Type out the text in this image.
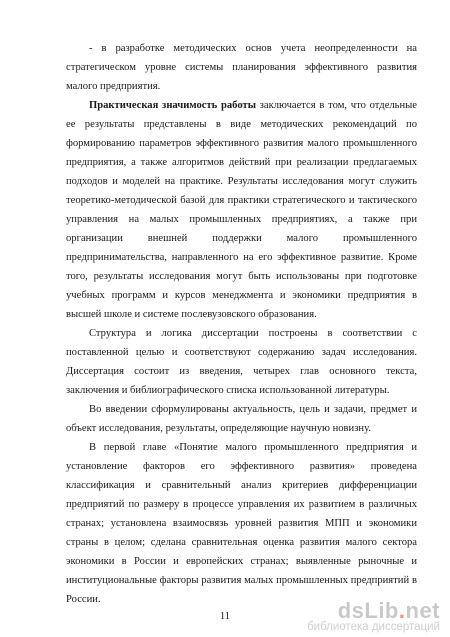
- в разработке методических основ учета неопределенности на
стратегическом уровне системы планирования эффективного развития
малого предприятия.
Практическая значимость работы заключается в том, что отдельные
ее результаты представлены в виде методических рекомендаций по
формированию параметров эффективного развития малого промышленного
предприятия, а также алгоритмов действий при реализации предлагаемых
подходов и моделей на практике. Результаты исследования могут служить
теоретико-методической базой для практики стратегического и тактического
управления на малых промышленных предприятиях, а также при
организации внешней поддержки малого промышленного
предпринимательства, направленного на его эффективное развитие. Кроме
того, результаты исследования могут быть использованы при подготовке
учебных программ и курсов менеджмента и экономики предприятия в
высшей школе и системе послевузовского образования.
Структура и логика диссертации построены в соответствии с
поставленной целью и соответствуют содержанию задач исследования.
Диссертация состоит из введения, четырех глав основного текста,
заключения и библиографического списка использованной литературы.
Во введении сформулированы актуальность, цель и задачи, предмет и
объект исследования, результаты, определяющие научную новизну.
В первой главе «Понятие малого промышленного предприятия и
установление факторов его эффективного развития» проведена
классификация и сравнительный анализ критериев дифференциации
предприятий по размеру в процессе управления их развитием в различных
странах; установлена взаимосвязь уровней развития МПП и экономики
страны в целом; сделана сравнительная оценка развития малого сектора
экономики в России и европейских странах; выявленные рыночные и
институциональные факторы развития малых промышленных предприятий в
России.
11	dsLib.net
библиотека диссертаций
